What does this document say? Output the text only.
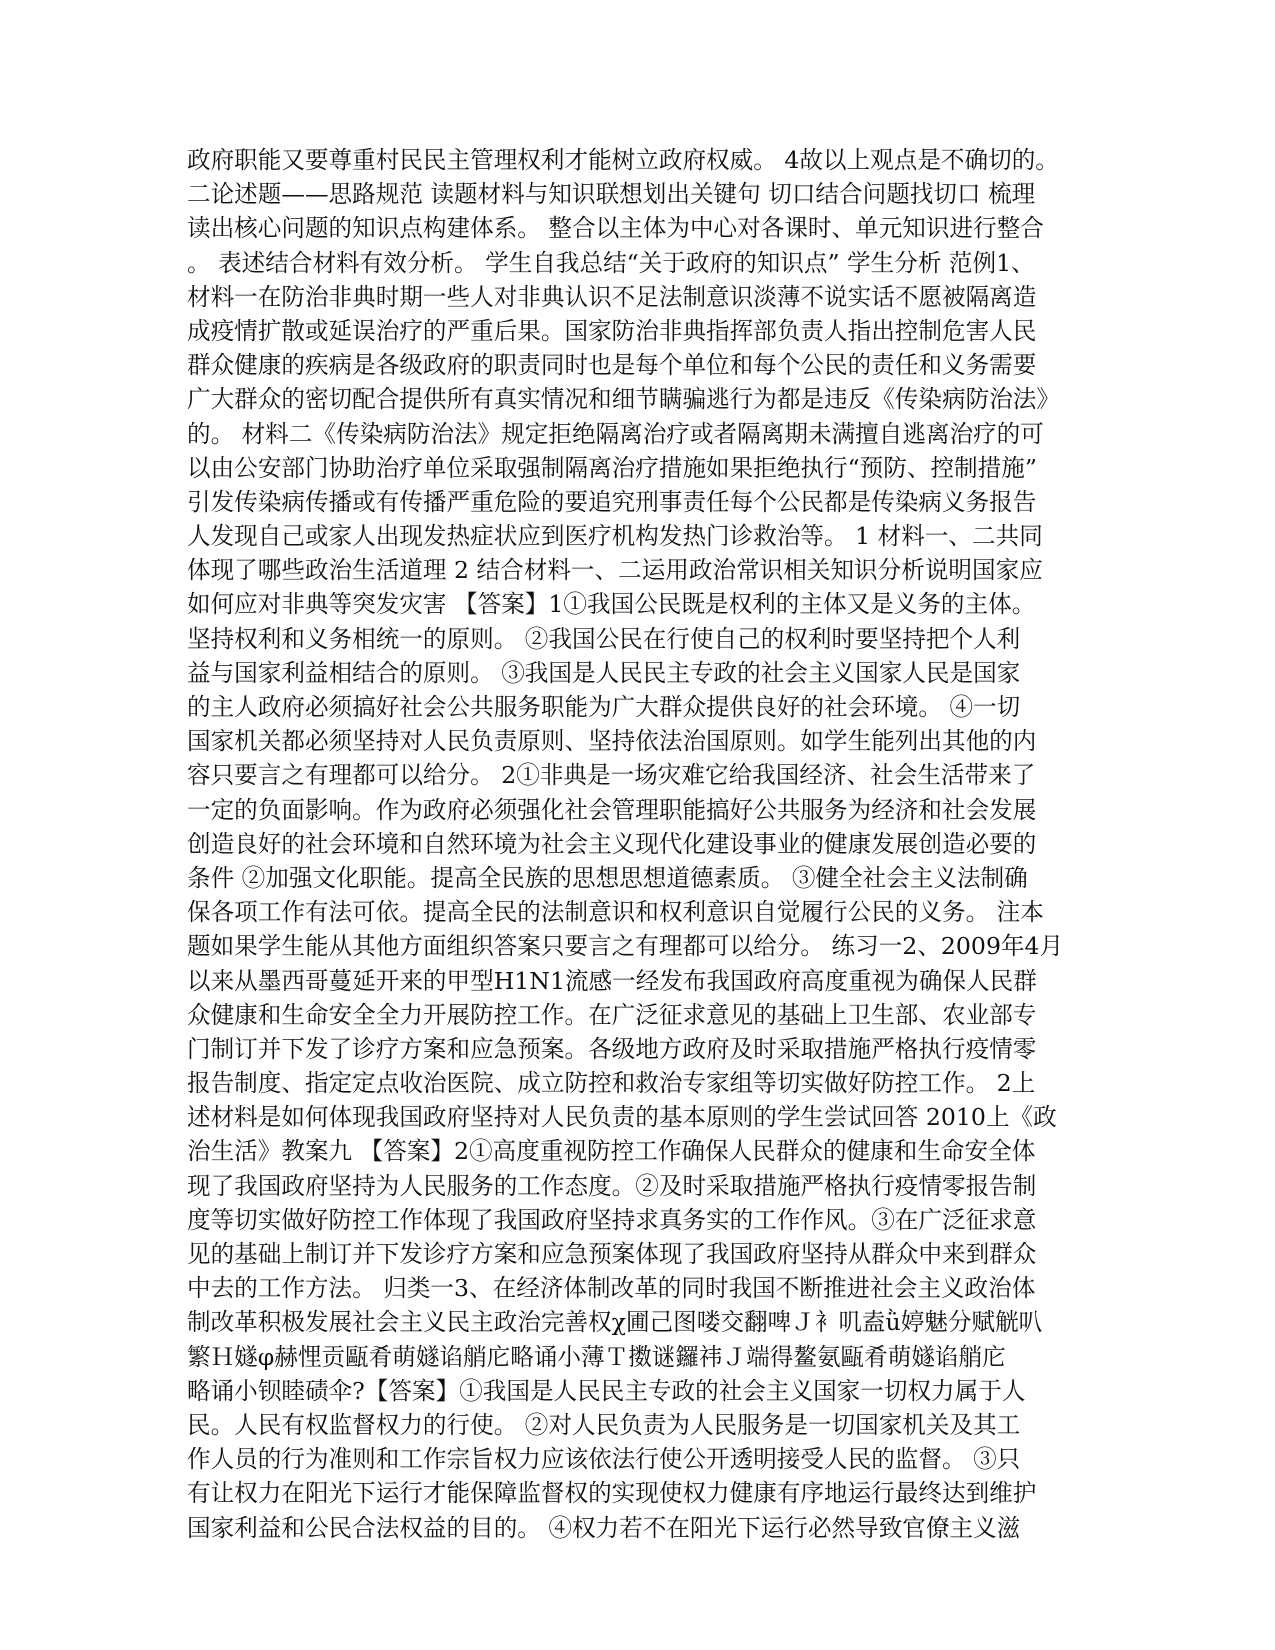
政府职能又要尊重村民民主管理权利才能树立政府权威。 4故以上观点是不确切的。
二论述题——思路规范 读题材料与知识联想划出关键句 切口结合问题找切口 梳理
读出核心问题的知识点构建体系。 整合以主体为中心对各课时、单元知识进行整合
。 表述结合材料有效分析。 学生自我总结“关于政府的知识点” 学生分析 范例1、
材料一在防治非典时期一些人对非典认识不足法制意识淡薄不说实话不愿被隔离造
成疫情扩散或延误治疗的严重后果。国家防治非典指挥部负责人指出控制危害人民
群众健康的疾病是各级政府的职责同时也是每个单位和每个公民的责任和义务需要
广大群众的密切配合提供所有真实情况和细节瞒骗逃行为都是违反《传染病防治法》
的。 材料二《传染病防治法》规定拒绝隔离治疗或者隔离期未满擅自逃离治疗的可
以由公安部门协助治疗单位采取强制隔离治疗措施如果拒绝执行“预防、控制措施”
引发传染病传播或有传播严重危险的要追究刑事责任每个公民都是传染病义务报告
人发现自己或家人出现发热症状应到医疗机构发热门诊救治等。 1 材料一、二共同
体现了哪些政治生活道理 2 结合材料一、二运用政治常识相关知识分析说明国家应
如何应对非典等突发灾害 【答案】1①我国公民既是权利的主体又是义务的主体。
坚持权利和义务相统一的原则。 ②我国公民在行使自己的权利时要坚持把个人利
益与国家利益相结合的原则。 ③我国是人民民主专政的社会主义国家人民是国家
的主人政府必须搞好社会公共服务职能为广大群众提供良好的社会环境。 ④一切
国家机关都必须坚持对人民负责原则、坚持依法治国原则。如学生能列出其他的内
容只要言之有理都可以给分。 2①非典是一场灾难它给我国经济、社会生活带来了
一定的负面影响。作为政府必须强化社会管理职能搞好公共服务为经济和社会发展
创造良好的社会环境和自然环境为社会主义现代化建设事业的健康发展创造必要的
条件 ②加强文化职能。提高全民族的思想思想道德素质。 ③健全社会主义法制确
保各项工作有法可依。提高全民的法制意识和权利意识自觉履行公民的义务。 注本
题如果学生能从其他方面组织答案只要言之有理都可以给分。 练习一2、2009年4月
以来从墨西哥蔓延开来的甲型H1N1流感一经发布我国政府高度重视为确保人民群
众健康和生命安全全力开展防控工作。在广泛征求意见的基础上卫生部、农业部专
门制订并下发了诊疗方案和应急预案。各级地方政府及时采取措施严格执行疫情零
报告制度、指定定点收治医院、成立防控和救治专家组等切实做好防控工作。 2上
述材料是如何体现我国政府坚持对人民负责的基本原则的学生尝试回答 2010上《政
治生活》教案九 【答案】2①高度重视防控工作确保人民群众的健康和生命安全体
现了我国政府坚持为人民服务的工作态度。②及时采取措施严格执行疫情零报告制
度等切实做好防控工作体现了我国政府坚持求真务实的工作作风。③在广泛征求意
见的基础上制订并下发诊疗方案和应急预案体现了我国政府坚持从群众中来到群众
中去的工作方法。 归类一3、在经济体制改革的同时我国不断推进社会主义政治体
制改革积极发展社会主义民主政治完善权χ圃己图喽交翻啤Ｊ衤叽盍ǜ婷魅分赋觥叭
繁Ｈ嬘φ赫悝贡甌肴萌嬘谄艄庀略诵小薄Ｔ擞谜鑼祎Ｊ端得鳌氨甌肴萌嬘谄艄庀
略诵小钡睦碛伞?【答案】①我国是人民民主专政的社会主义国家一切权力属于人
民。人民有权监督权力的行使。 ②对人民负责为人民服务是一切国家机关及其工
作人员的行为准则和工作宗旨权力应该依法行使公开透明接受人民的监督。 ③只
有让权力在阳光下运行才能保障监督权的实现使权力健康有序地运行最终达到维护
国家利益和公民合法权益的目的。 ④权力若不在阳光下运行必然导致官僚主义滋
